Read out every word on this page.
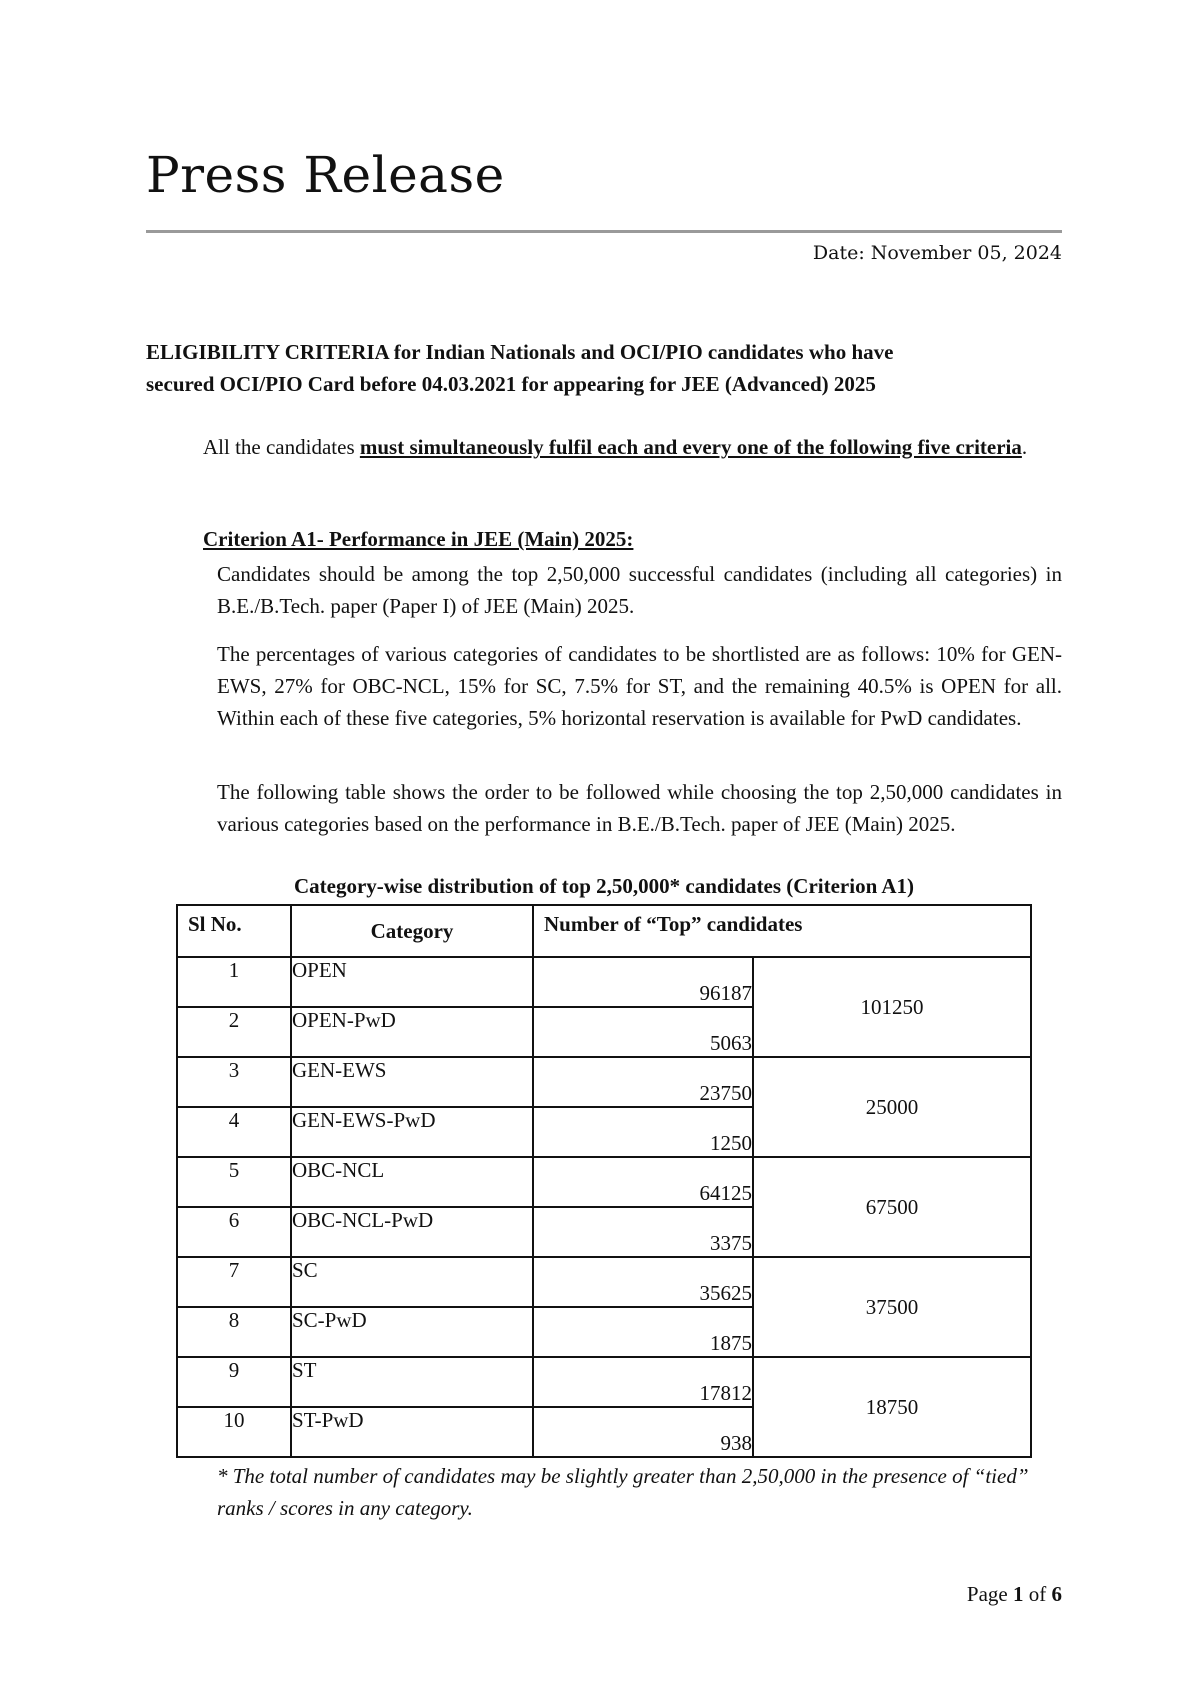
Press Release
Date: November 05, 2024
ELIGIBILITY CRITERIA for Indian Nationals and OCI/PIO candidates who have
secured OCI/PIO Card before 04.03.2021 for appearing for JEE (Advanced) 2025
All the candidates must simultaneously fulfil each and every one of the following five criteria.
Criterion A1- Performance in JEE (Main) 2025:
Candidates should be among the top 2,50,000 successful candidates (including all categories) in B.E./B.Tech. paper (Paper I) of JEE (Main) 2025.
The percentages of various categories of candidates to be shortlisted are as follows: 10% for GEN-EWS, 27% for OBC-NCL, 15% for SC, 7.5% for ST, and the remaining 40.5% is OPEN for all. Within each of these five categories, 5% horizontal reservation is available for PwD candidates.
The following table shows the order to be followed while choosing the top 2,50,000 candidates in various categories based on the performance in B.E./B.Tech. paper of JEE (Main) 2025.
Category-wise distribution of top 2,50,000* candidates (Criterion A1)
Sl No.	Category	Number of “Top” candidates	
1	OPEN	96187	101250
2	OPEN-PwD	5063	
3	GEN-EWS	23750	25000
4	GEN-EWS-PwD	1250	
5	OBC-NCL	64125	67500
6	OBC-NCL-PwD	3375	
7	SC	35625	37500
8	SC-PwD	1875	
9	ST	17812	18750
10	ST-PwD	938	
* The total number of candidates may be slightly greater than 2,50,000 in the presence of “tied” ranks / scores in any category.
Page 1 of 6
